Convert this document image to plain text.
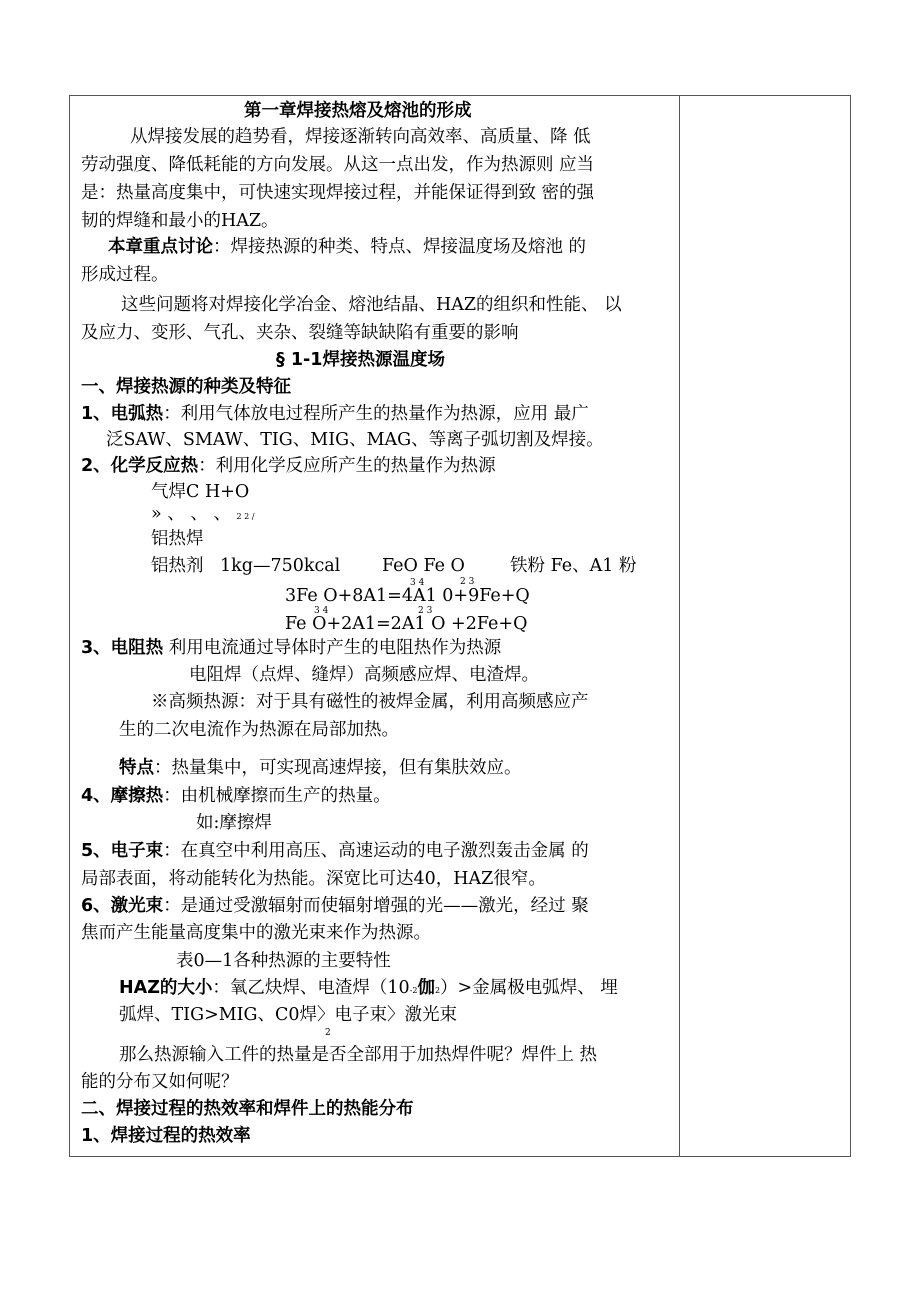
第一章焊接热熔及熔池的形成
从焊接发展的趋势看，焊接逐渐转向高效率、高质量、降 低
劳动强度、降低耗能的方向发展。从这一点出发，作为热源则 应当
是：热量高度集中，可快速实现焊接过程，并能保证得到致 密的强
韧的焊缝和最小的HAZ。
本章重点讨论：焊接热源的种类、特点、焊接温度场及熔池 的
形成过程。
这些问题将对焊接化学冶金、熔池结晶、HAZ的组织和性能、 以
及应力、变形、气孔、夹杂、裂缝等缺缺陷有重要的影响
§ 1-1焊接热源温度场
一、焊接热源的种类及特征
1、电弧热：利用气体放电过程所产生的热量作为热源，应用 最广
泛SAW、SMAW、TIG、MIG、MAG、等离子弧切割及焊接。
2、化学反应热：利用化学反应所产生的热量作为热源
气焊C H+O
» 、 、 、 2 2 /
铝热焊
铝热剂 1kg—750kcal FeO Fe O	铁粉 Fe、A1 粉
3 4	2 3
3Fe O+8A1=4A1 0+9Fe+Q
3 4	2 3
Fe O+2A1=2A1 O +2Fe+Q
3、电阻热 利用电流通过导体时产生的电阻热作为热源
电阻焊（点焊、缝焊）高频感应焊、电渣焊。
※高频热源：对于具有磁性的被焊金属，利用高频感应产
生的二次电流作为热源在局部加热。
特点：热量集中，可实现高速焊接，但有集肤效应。
4、摩擦热：由机械摩擦而生产的热量。
如:摩擦焊
5、电子束：在真空中利用高压、高速运动的电子激烈轰击金属 的
局部表面，将动能转化为热能。深宽比可达40，HAZ很窄。
6、激光束：是通过受激辐射而使辐射增强的光——激光，经过 聚
焦而产生能量高度集中的激光束来作为热源。
表0—1各种热源的主要特性
HAZ的大小：氧乙炔焊、电渣焊（10-2伽2）>金属极电弧焊、 埋
弧焊、TIG>MIG、C0焊〉电子束〉激光束
2
那么热源输入工件的热量是否全部用于加热焊件呢？焊件上 热
能的分布又如何呢？
二、焊接过程的热效率和焊件上的热能分布
1、焊接过程的热效率
